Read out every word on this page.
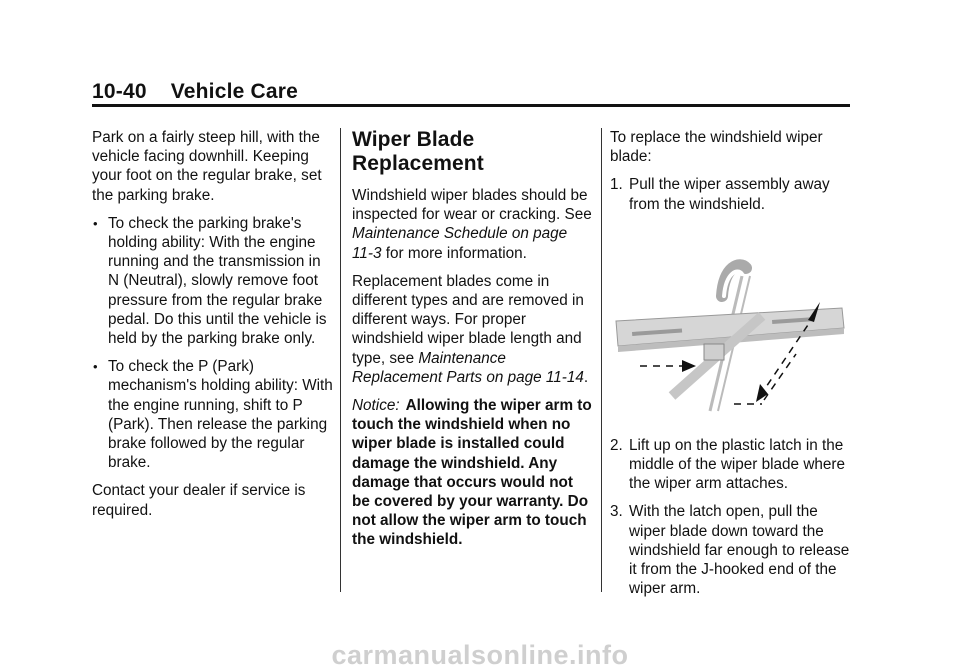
10-40 Vehicle Care

Park on a fairly steep hill, with the vehicle facing downhill. Keeping your foot on the regular brake, set the parking brake.

• To check the parking brake's holding ability: With the engine running and the transmission in N (Neutral), slowly remove foot pressure from the regular brake pedal. Do this until the vehicle is held by the parking brake only.
• To check the P (Park) mechanism's holding ability: With the engine running, shift to P (Park). Then release the parking brake followed by the regular brake.

Contact your dealer if service is required.

Wiper Blade Replacement

Windshield wiper blades should be inspected for wear or cracking. See Maintenance Schedule on page 11-3 for more information.

Replacement blades come in different types and are removed in different ways. For proper windshield wiper blade length and type, see Maintenance Replacement Parts on page 11-14.

Notice: Allowing the wiper arm to touch the windshield when no wiper blade is installed could damage the windshield. Any damage that occurs would not be covered by your warranty. Do not allow the wiper arm to touch the windshield.

To replace the windshield wiper blade:

1. Pull the wiper assembly away from the windshield.
2. Lift up on the plastic latch in the middle of the wiper blade where the wiper arm attaches.
3. With the latch open, pull the wiper blade down toward the windshield far enough to release it from the J-hooked end of the wiper arm.
carmanualsonline.info
